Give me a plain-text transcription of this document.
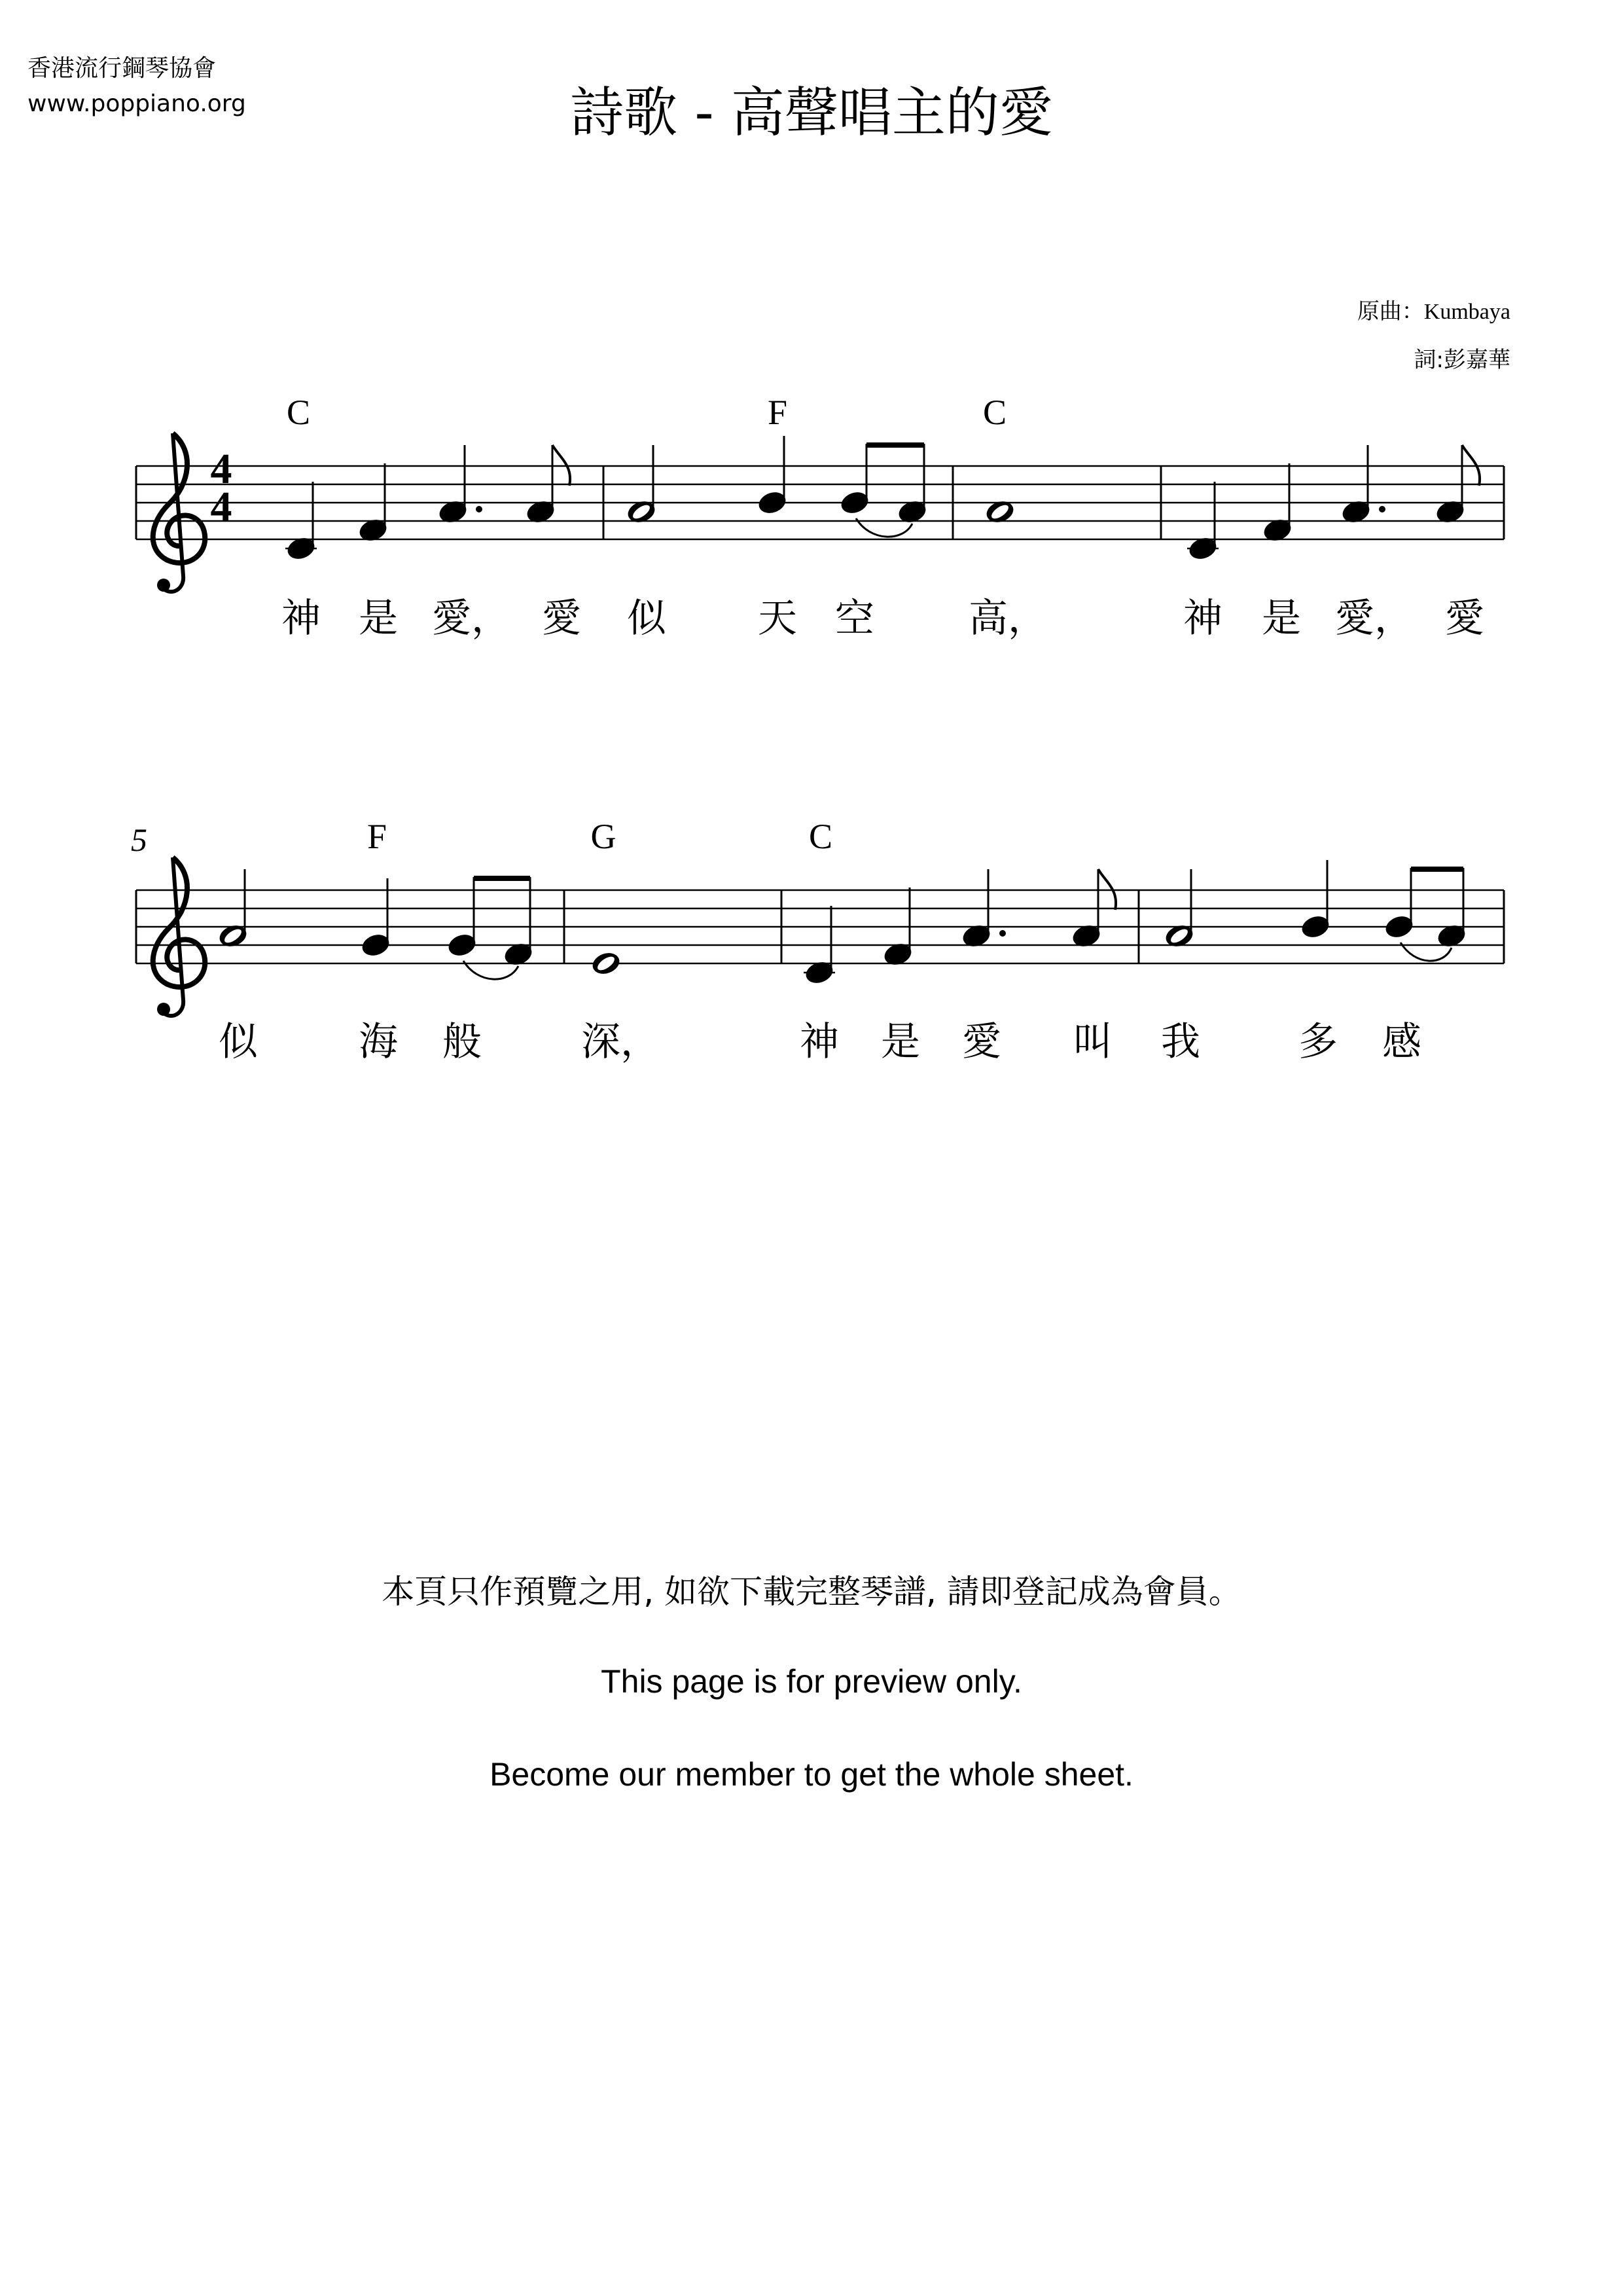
香港流行鋼琴協會
www.poppiano.org	詩歌 - 高聲唱主的愛
原曲：Kumbaya
詞:彭嘉華
4
4
C	F	C
5	F	G	C
神 是 愛， 愛 似 天 空 高，	神 是 愛， 愛
似	海 般	深，	神 是 愛 叫 我	多 感
本頁只作預覽之用, 如欲下載完整琴譜, 請即登記成為會員。
This page is for preview only.
Become our member to get the whole sheet.
